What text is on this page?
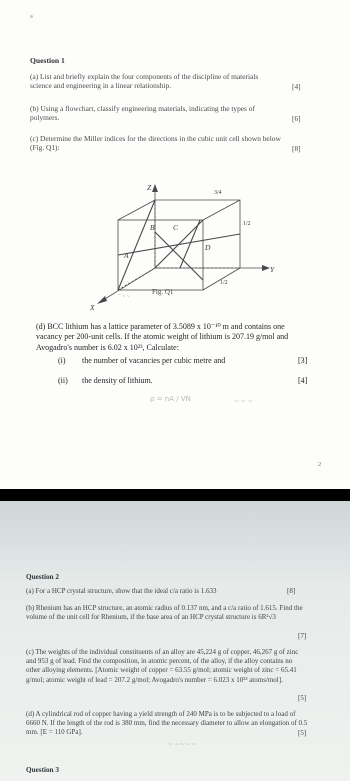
Question 1
(a) List and briefly explain the four components of the discipline of materials science and engineering in a linear relationship.	[4]
(b) Using a flowchart, classify engineering materials, indicating the types of polymers.	[6]
(c) Determine the Miller indices for the directions in the cubic unit cell shown below (Fig. Q1):	[8]
Z
Y
X
A
B C
D
3/4
1/2
1/2
Fig. Q1
˜ ᶜ ˢ
(d) BCC lithium has a lattice parameter of 3.5089 x 10⁻¹⁰ m and contains one vacancy per 200-unit cells. If the atomic weight of lithium is 207.19 g/mol and Avogadro's number is 6.02 x 10²³, Calculate:
(i) the number of vacancies per cubic metre and	[3]
(ii) the density of lithium.	[4]
ρ = nA / VN	~ ~ ~
2
Question 2
(a) For a HCP crystal structure, show that the ideal c/a ratio is 1.633	[8]
(b) Rhenium has an HCP structure, an atomic radius of 0.137 nm, and a c/a ratio of 1.615. Find the volume of the unit cell for Rhenium, if the base area of an HCP crystal structure is 6R²√3
[7]
(c) The weights of the individual constituents of an alloy are 45,224 g of copper, 46,267 g of zinc and 953 g of lead. Find the composition, in atomic percent, of the alloy, if the alloy contains no other alloying elements. [Atomic weight of copper = 63.55 g/mol; atomic weight of zinc = 65.41 g/mol; atomic weight of lead = 207.2 g/mol; Avogadro's number = 6.023 x 10²³ atoms/mol].
[5]
(d) A cylindrical rod of copper having a yield strength of 240 MPa is to be subjected to a load of 6660 N. If the length of the rod is 380 mm, find the necessary diameter to allow an elongation of 0.5 mm. [E = 110 GPa].	[5]
~ ~~~ ~
Question 3
